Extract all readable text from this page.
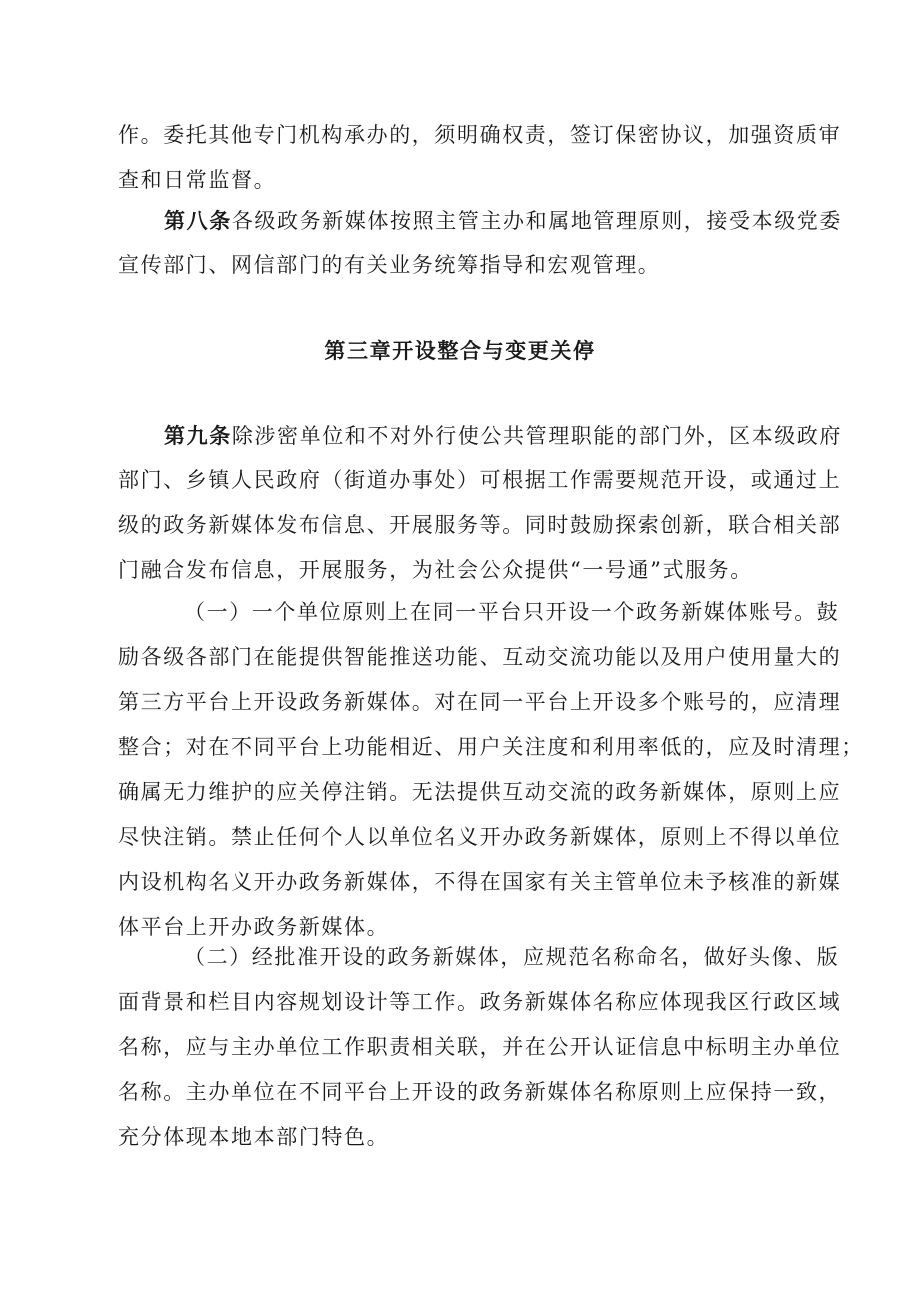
作。委托其他专门机构承办的，须明确权责，签订保密协议，加强资质审
查和日常监督。
第八条各级政务新媒体按照主管主办和属地管理原则，接受本级党委
宣传部门、网信部门的有关业务统筹指导和宏观管理。
第三章开设整合与变更关停
第九条除涉密单位和不对外行使公共管理职能的部门外，区本级政府
部门、乡镇人民政府（街道办事处）可根据工作需要规范开设，或通过上
级的政务新媒体发布信息、开展服务等。同时鼓励探索创新，联合相关部
门融合发布信息，开展服务，为社会公众提供“一号通”式服务。
（一）一个单位原则上在同一平台只开设一个政务新媒体账号。鼓
励各级各部门在能提供智能推送功能、互动交流功能以及用户使用量大的
第三方平台上开设政务新媒体。对在同一平台上开设多个账号的，应清理
整合；对在不同平台上功能相近、用户关注度和利用率低的，应及时清理；
确属无力维护的应关停注销。无法提供互动交流的政务新媒体，原则上应
尽快注销。禁止任何个人以单位名义开办政务新媒体，原则上不得以单位
内设机构名义开办政务新媒体，不得在国家有关主管单位未予核准的新媒
体平台上开办政务新媒体。
（二）经批准开设的政务新媒体，应规范名称命名，做好头像、版
面背景和栏目内容规划设计等工作。政务新媒体名称应体现我区行政区域
名称，应与主办单位工作职责相关联，并在公开认证信息中标明主办单位
名称。主办单位在不同平台上开设的政务新媒体名称原则上应保持一致，
充分体现本地本部门特色。
